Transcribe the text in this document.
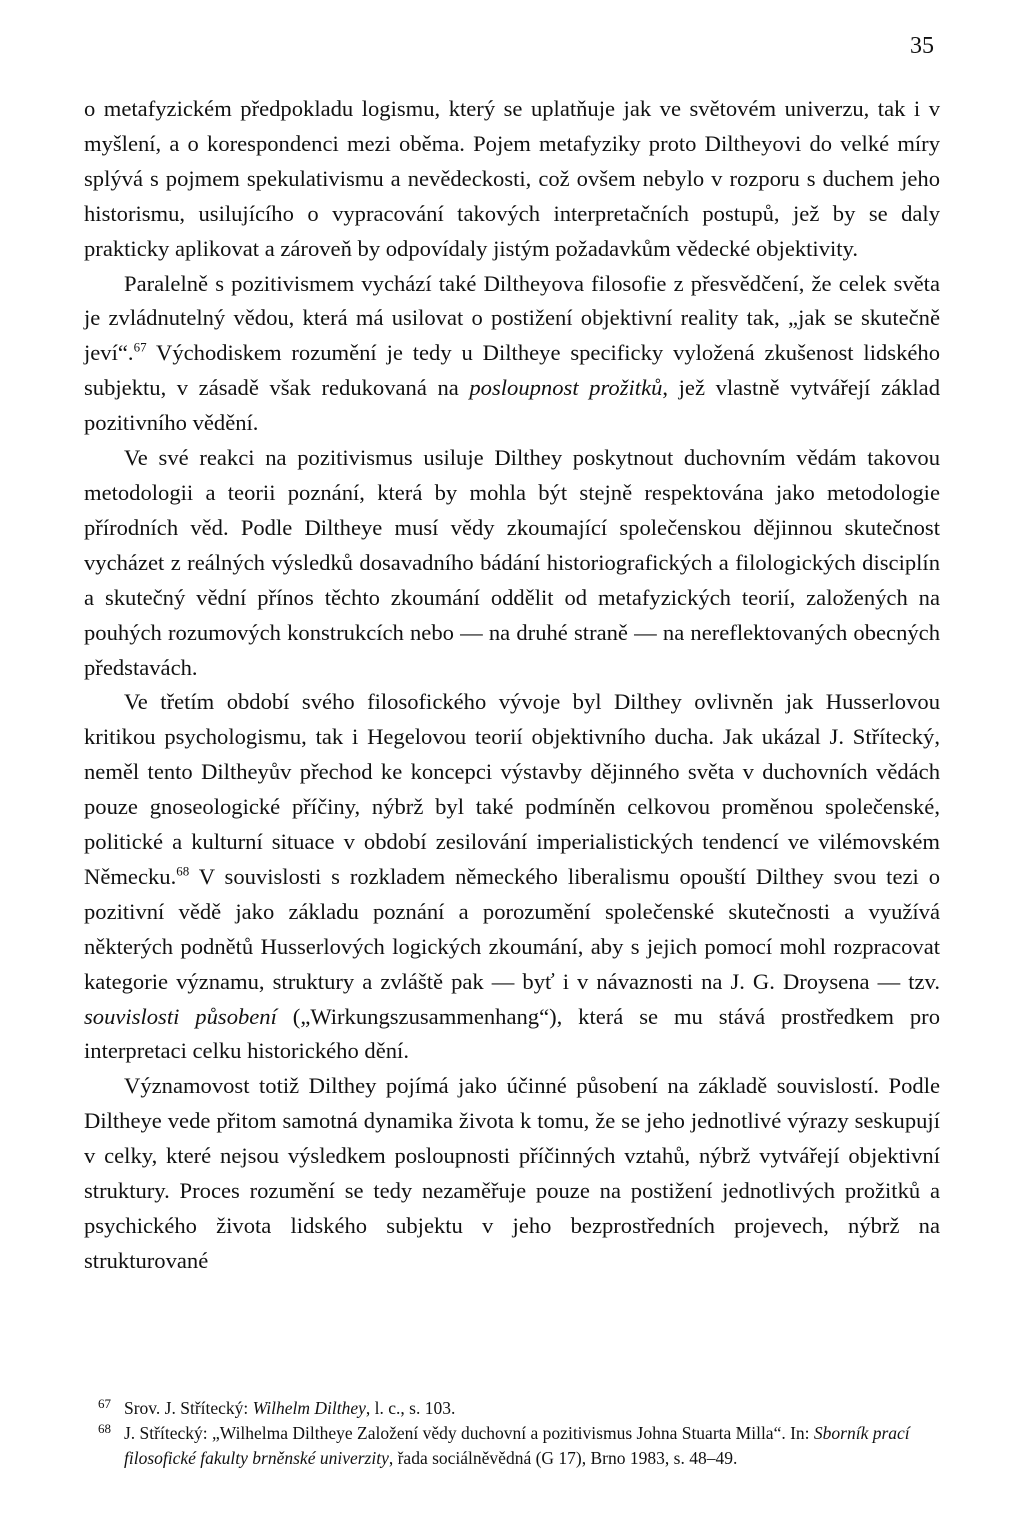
35

o metafyzickém předpokladu logismu, který se uplatňuje jak ve světovém univerzu, tak i v myšlení, a o korespondenci mezi oběma. Pojem metafyziky proto Diltheyovi do velké míry splývá s pojmem spekulativismu a nevědeckosti, což ovšem nebylo v rozporu s duchem jeho historismu, usilujícího o vypracování takových interpretačních postupů, jež by se daly prakticky aplikovat a zároveň by odpovídaly jistým požadavkům vědecké objektivity.

Paralelně s pozitivismem vychází také Diltheyova filosofie z přesvědčení, že celek světa je zvládnutelný vědou, která má usilovat o postižení objektivní reality tak, „jak se skutečně jeví“.$^{67}$ Východiskem rozumění je tedy u Diltheye specificky vyložená zkušenost lidského subjektu, v zásadě však redukovaná na posloupnost prožitků, jež vlastně vytvářejí základ pozitivního vědění.

Ve své reakci na pozitivismus usiluje Dilthey poskytnout duchovním vědám takovou metodologii a teorii poznání, která by mohla být stejně respektována jako metodologie přírodních věd. Podle Diltheye musí vědy zkoumající společenskou dějinnou skutečnost vycházet z reálných výsledků dosavadního bádání historiografických a filologických disciplín a skutečný vědní přínos těchto zkoumání oddělit od metafyzických teorií, založených na pouhých rozumových konstrukcích nebo — na druhé straně — na nereflektovaných obecných představách.

Ve třetím období svého filosofického vývoje byl Dilthey ovlivněn jak Husserlovou kritikou psychologismu, tak i Hegelovou teorií objektivního ducha. Jak ukázal J. Střítecký, neměl tento Diltheyův přechod ke koncepci výstavby dějinného světa v duchovních vědách pouze gnoseologické příčiny, nýbrž byl také podmíněn celkovou proměnou společenské, politické a kulturní situace v období zesilování imperialistických tendencí ve vilémovském Německu.$^{68}$ V souvislosti s rozkladem německého liberalismu opouští Dilthey svou tezi o pozitivní vědě jako základu poznání a porozumění společenské skutečnosti a využívá některých podnětů Husserlových logických zkoumání, aby s jejich pomocí mohl rozpracovat kategorie významu, struktury a zvláště pak — byť i v návaznosti na J. G. Droysena — tzv. souvislosti působení („Wirkungszusammenhang“), která se mu stává prostředkem pro interpretaci celku historického dění.

Významovost totiž Dilthey pojímá jako účinné působení na základě souvislostí. Podle Diltheye vede přitom samotná dynamika života k tomu, že se jeho jednotlivé výrazy seskupují v celky, které nejsou výsledkem posloupnosti příčinných vztahů, nýbrž vytvářejí objektivní struktury. Proces rozumění se tedy nezaměřuje pouze na postižení jednotlivých prožitků a psychického života lidského subjektu v jeho bezprostředních projevech, nýbrž na strukturované

67 Srov. J. Střítecký: Wilhelm Dilthey, l. c., s. 103.
68 J. Střítecký: „Wilhelma Diltheye Založení vědy duchovní a pozitivismus Johna Stuarta Milla“. In: Sborník prací filosofické fakulty brněnské univerzity, řada sociálněvědná (G 17), Brno 1983, s. 48–49.
